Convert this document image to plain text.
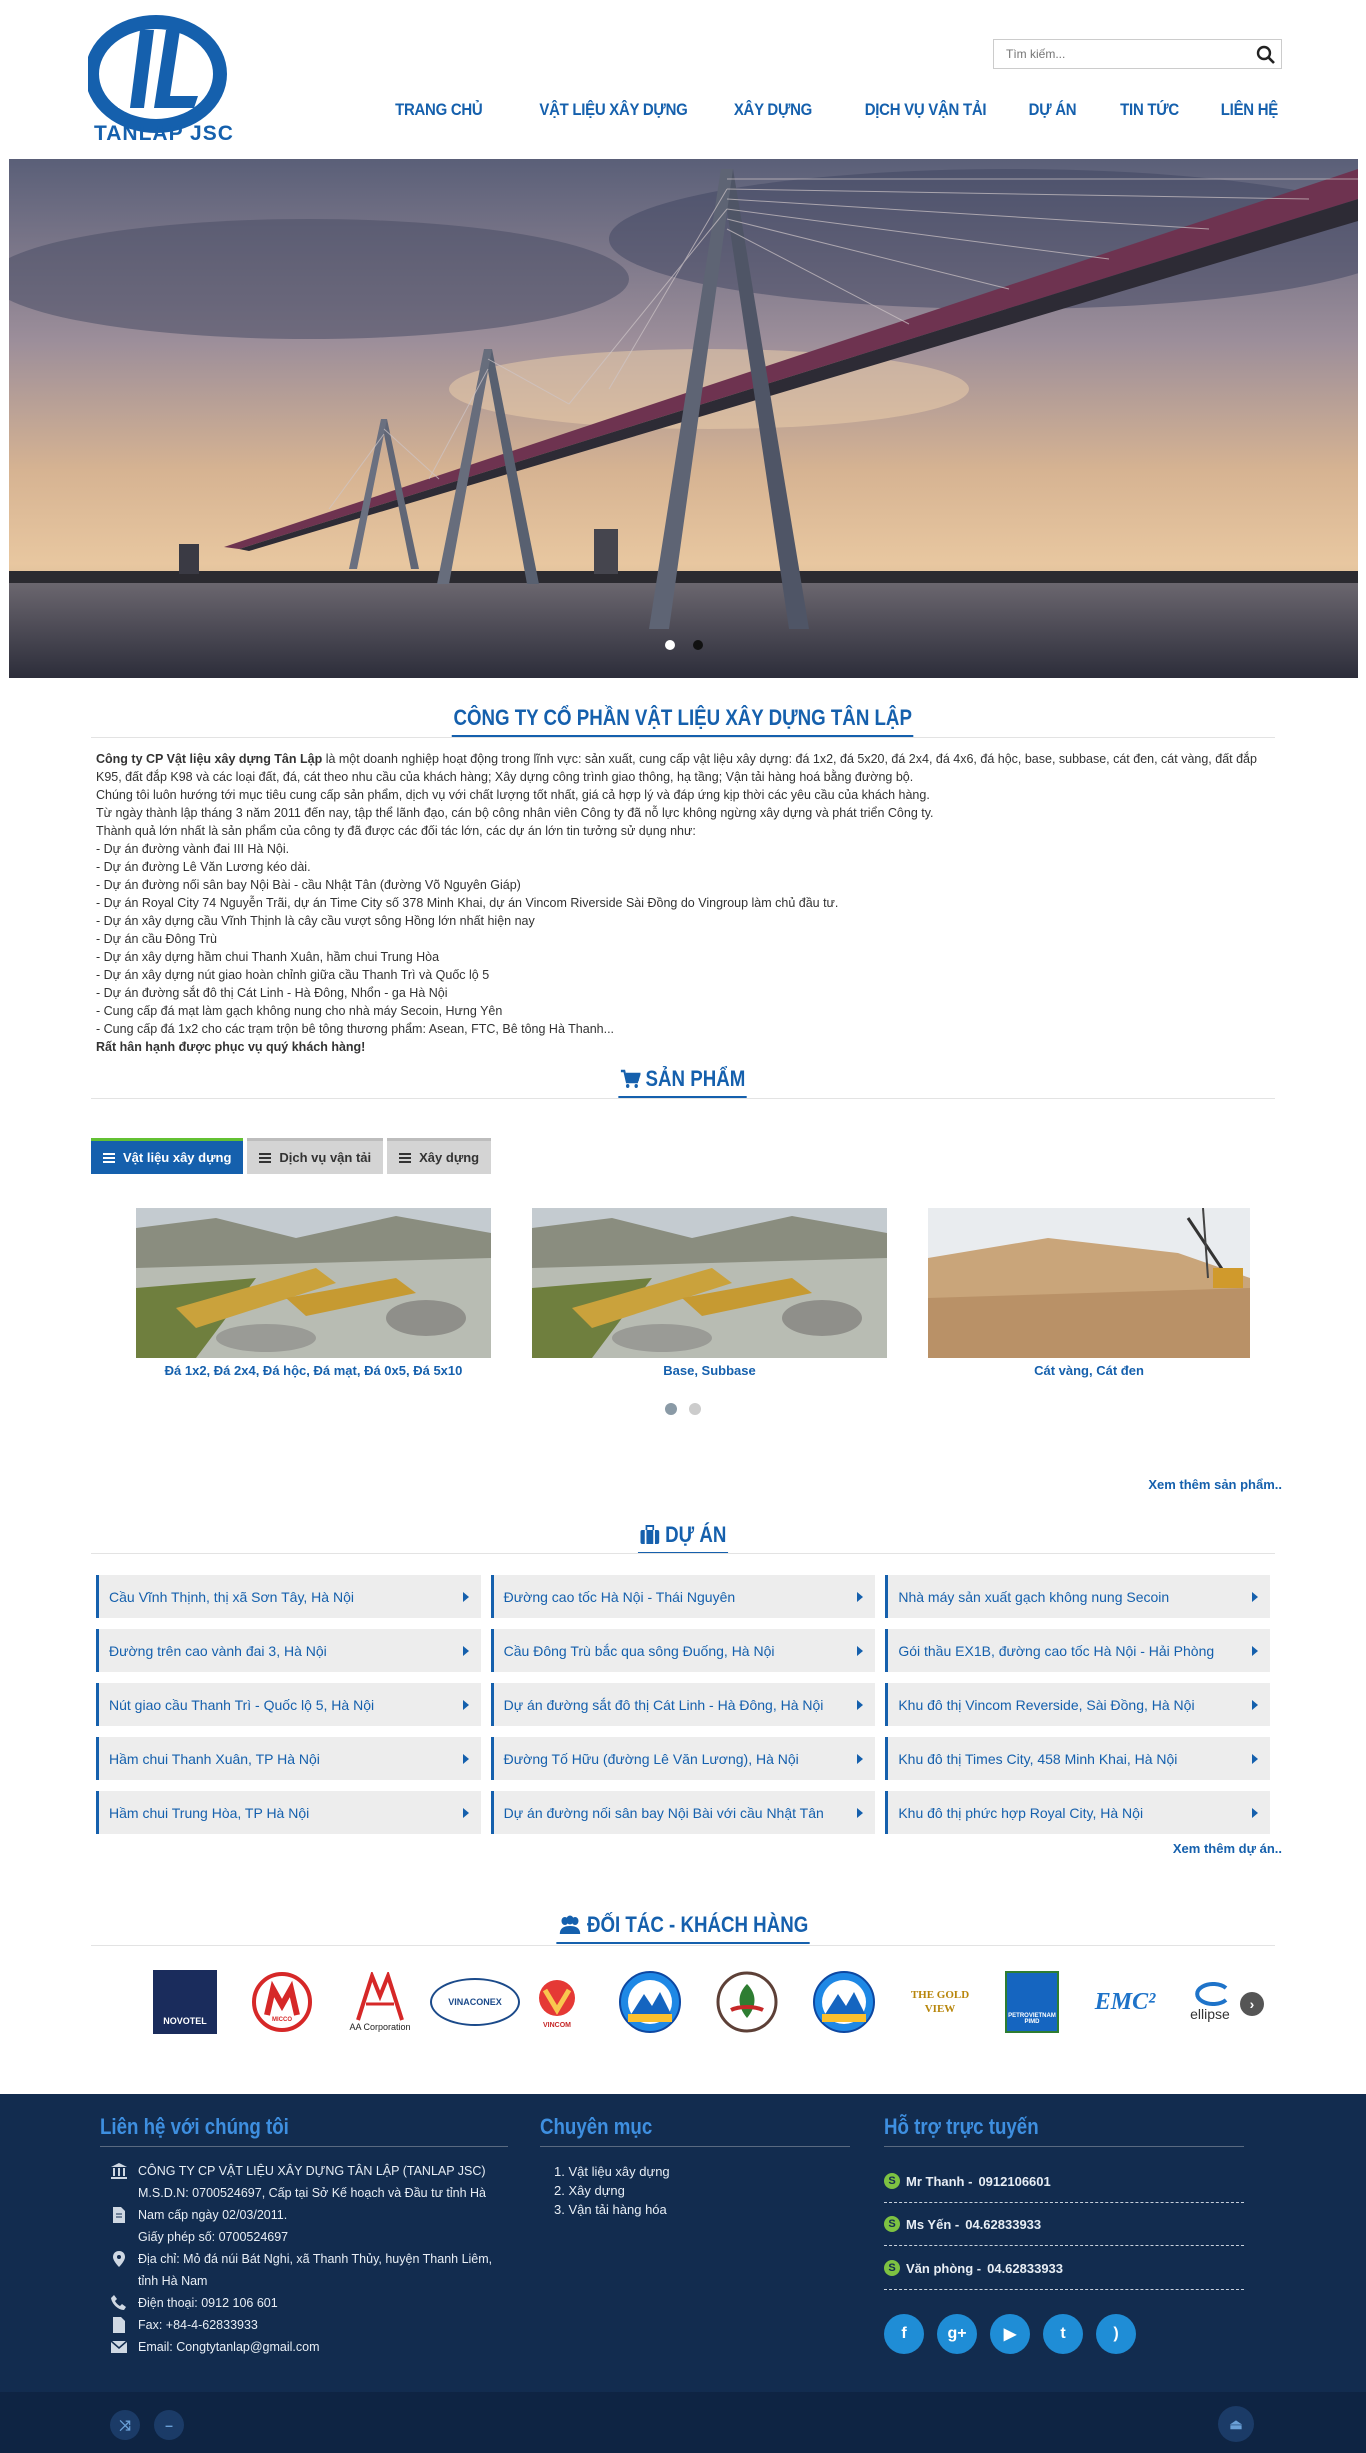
TANLAP JSC
Tìm kiếm...
TRANG CHỦ	VẬT LIỆU XÂY DỰNG	XÂY DỰNG	DỊCH VỤ VẬN TẢI	DỰ ÁN	TIN TỨC	LIÊN HỆ
CÔNG TY CỔ PHẦN VẬT LIỆU XÂY DỰNG TÂN LẬP

Công ty CP Vật liệu xây dựng Tân Lập là một doanh nghiệp hoạt động trong lĩnh vực: sản xuất, cung cấp vật liệu xây dựng: đá 1x2, đá 5x20, đá 2x4, đá 4x6, đá hộc, base, subbase, cát đen, cát vàng, đất đắp K95, đất đắp K98 và các loại đất, đá, cát theo nhu cầu của khách hàng; Xây dựng công trình giao thông, hạ tầng; Vận tải hàng hoá bằng đường bộ.

Chúng tôi luôn hướng tới mục tiêu cung cấp sản phẩm, dịch vụ với chất lượng tốt nhất, giá cả hợp lý và đáp ứng kịp thời các yêu cầu của khách hàng.

Từ ngày thành lập tháng 3 năm 2011 đến nay, tập thể lãnh đạo, cán bộ công nhân viên Công ty đã nỗ lực không ngừng xây dựng và phát triển Công ty.

Thành quả lớn nhất là sản phẩm của công ty đã được các đối tác lớn, các dự án lớn tin tưởng sử dụng như:

- Dự án đường vành đai III Hà Nội.

- Dự án đường Lê Văn Lương kéo dài.

- Dự án đường nối sân bay Nội Bài - cầu Nhật Tân (đường Võ Nguyên Giáp)

- Dự án Royal City 74 Nguyễn Trãi, dự án Time City số 378 Minh Khai, dự án Vincom Riverside Sài Đồng do Vingroup làm chủ đầu tư.

- Dự án xây dựng cầu Vĩnh Thịnh là cây cầu vượt sông Hồng lớn nhất hiện nay

- Dự án cầu Đông Trù

- Dự án xây dựng hầm chui Thanh Xuân, hầm chui Trung Hòa

- Dự án xây dựng nút giao hoàn chỉnh giữa cầu Thanh Trì và Quốc lộ 5

- Dự án đường sắt đô thị Cát Linh - Hà Đông, Nhổn - ga Hà Nội

- Cung cấp đá mạt làm gạch không nung cho nhà máy Secoin, Hưng Yên

- Cung cấp đá 1x2 cho các trạm trộn bê tông thương phẩm: Asean, FTC, Bê tông Hà Thanh...

Rất hân hạnh được phục vụ quý khách hàng!

SẢN PHẨM
Vật liệu xây dựng	Dịch vụ vận tải	Xây dựng
Đá 1x2, Đá 2x4, Đá hộc, Đá mạt, Đá 0x5, Đá 5x10	Base, Subbase	Cát vàng, Cát đen
Xem thêm sản phẩm..
DỰ ÁN
Cầu Vĩnh Thịnh, thị xã Sơn Tây, Hà Nội	Đường cao tốc Hà Nội - Thái Nguyên	Nhà máy sản xuất gạch không nung Secoin
Đường trên cao vành đai 3, Hà Nội	Cầu Đông Trù bắc qua sông Đuống, Hà Nội	Gói thầu EX1B, đường cao tốc Hà Nội - Hải Phòng
Nút giao cầu Thanh Trì - Quốc lộ 5, Hà Nội	Dự án đường sắt đô thị Cát Linh - Hà Đông, Hà Nội	Khu đô thị Vincom Reverside, Sài Đồng, Hà Nội
Hầm chui Thanh Xuân, TP Hà Nội	Đường Tố Hữu (đường Lê Văn Lương), Hà Nội	Khu đô thị Times City, 458 Minh Khai, Hà Nội
Hầm chui Trung Hòa, TP Hà Nội	Dự án đường nối sân bay Nội Bài với cầu Nhật Tân	Khu đô thị phức hợp Royal City, Hà Nội
Xem thêm dự án..
ĐỐI TÁC - KHÁCH HÀNG
NOVOTEL	MICCO
AA Corporation
VINACONEX
VINCOM
THE GOLD VIEW
PETROVIETNAM PIMD
EMC² ellipse
›
Liên hệ với chúng tôi
CÔNG TY CP VẬT LIỆU XÂY DỰNG TÂN LẬP (TANLAP JSC)
M.S.D.N: 0700524697, Cấp tại Sở Kế hoạch và Đầu tư tỉnh Hà Nam cấp ngày 02/03/2011.
Giấy phép số: 0700524697
Địa chỉ: Mỏ đá núi Bát Nghi, xã Thanh Thủy, huyện Thanh Liêm, tỉnh Hà Nam
Điện thoại: 0912 106 601
Fax: +84-4-62833933
Email: Congtytanlap@gmail.com
Chuyên mục
1. Vật liệu xây dựng
2. Xây dựng
3. Vận tải hàng hóa
Hỗ trợ trực tuyến
S Mr Thanh - 0912106601
S Ms Yến - 04.62833933
S Văn phòng - 04.62833933
f	g+	▶	t	)
⤨	–	⏏
